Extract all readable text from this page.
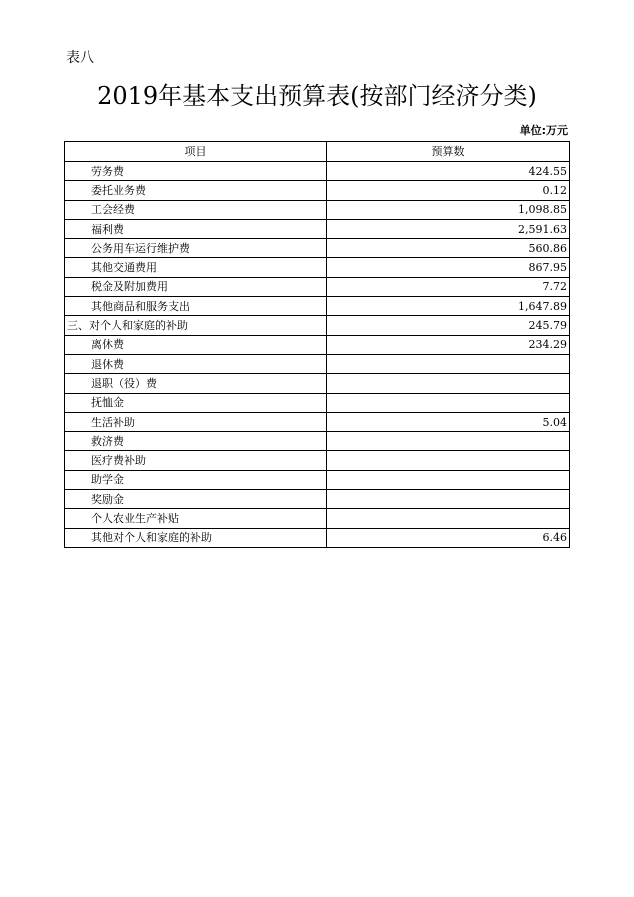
表八
2019年基本支出预算表(按部门经济分类)
单位:万元
项目	预算数
劳务费	424.55
委托业务费	0.12
工会经费	1,098.85
福利费	2,591.63
公务用车运行维护费	560.86
其他交通费用	867.95
税金及附加费用	7.72
其他商品和服务支出	1,647.89
三、对个人和家庭的补助	245.79
离休费	234.29
退休费	
退职（役）费	
抚恤金	
生活补助	5.04
救济费	
医疗费补助	
助学金	
奖励金	
个人农业生产补贴	
其他对个人和家庭的补助	6.46
